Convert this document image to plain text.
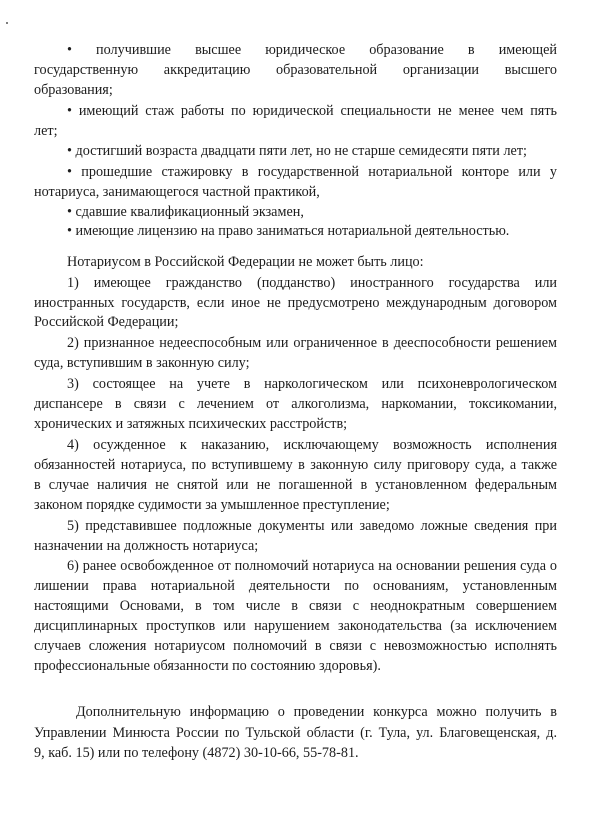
• получившие высшее юридическое образование в имеющей
государственную аккредитацию образовательной организации высшего
образования;
• имеющий стаж работы по юридической специальности не менее чем пять
лет;
• достигший возраста двадцати пяти лет, но не старше семидесяти пяти лет;
• прошедшие стажировку в государственной нотариальной конторе или у
нотариуса, занимающегося частной практикой,
• сдавшие квалификационный экзамен,
• имеющие лицензию на право заниматься нотариальной деятельностью.
Нотариусом в Российской Федерации не может быть лицо:
1) имеющее гражданство (подданство) иностранного государства или
иностранных государств, если иное не предусмотрено международным договором
Российской Федерации;
2) признанное недееспособным или ограниченное в дееспособности решением
суда, вступившим в законную силу;
3) состоящее на учете в наркологическом или психоневрологическом
диспансере в связи с лечением от алкоголизма, наркомании, токсикомании,
хронических и затяжных психических расстройств;
4) осужденное к наказанию, исключающему возможность исполнения
обязанностей нотариуса, по вступившему в законную силу приговору суда, а также
в случае наличия не снятой или не погашенной в установленном федеральным
законом порядке судимости за умышленное преступление;
5) представившее подложные документы или заведомо ложные сведения при
назначении на должность нотариуса;
6) ранее освобожденное от полномочий нотариуса на основании решения суда о
лишении права нотариальной деятельности по основаниям, установленным
настоящими Основами, в том числе в связи с неоднократным совершением
дисциплинарных проступков или нарушением законодательства (за исключением
случаев сложения нотариусом полномочий в связи с невозможностью исполнять
профессиональные обязанности по состоянию здоровья).
Дополнительную информацию о проведении конкурса можно получить в
Управлении Минюста России по Тульской области (г. Тула, ул. Благовещенская, д.
9, каб. 15) или по телефону (4872) 30-10-66, 55-78-81.
